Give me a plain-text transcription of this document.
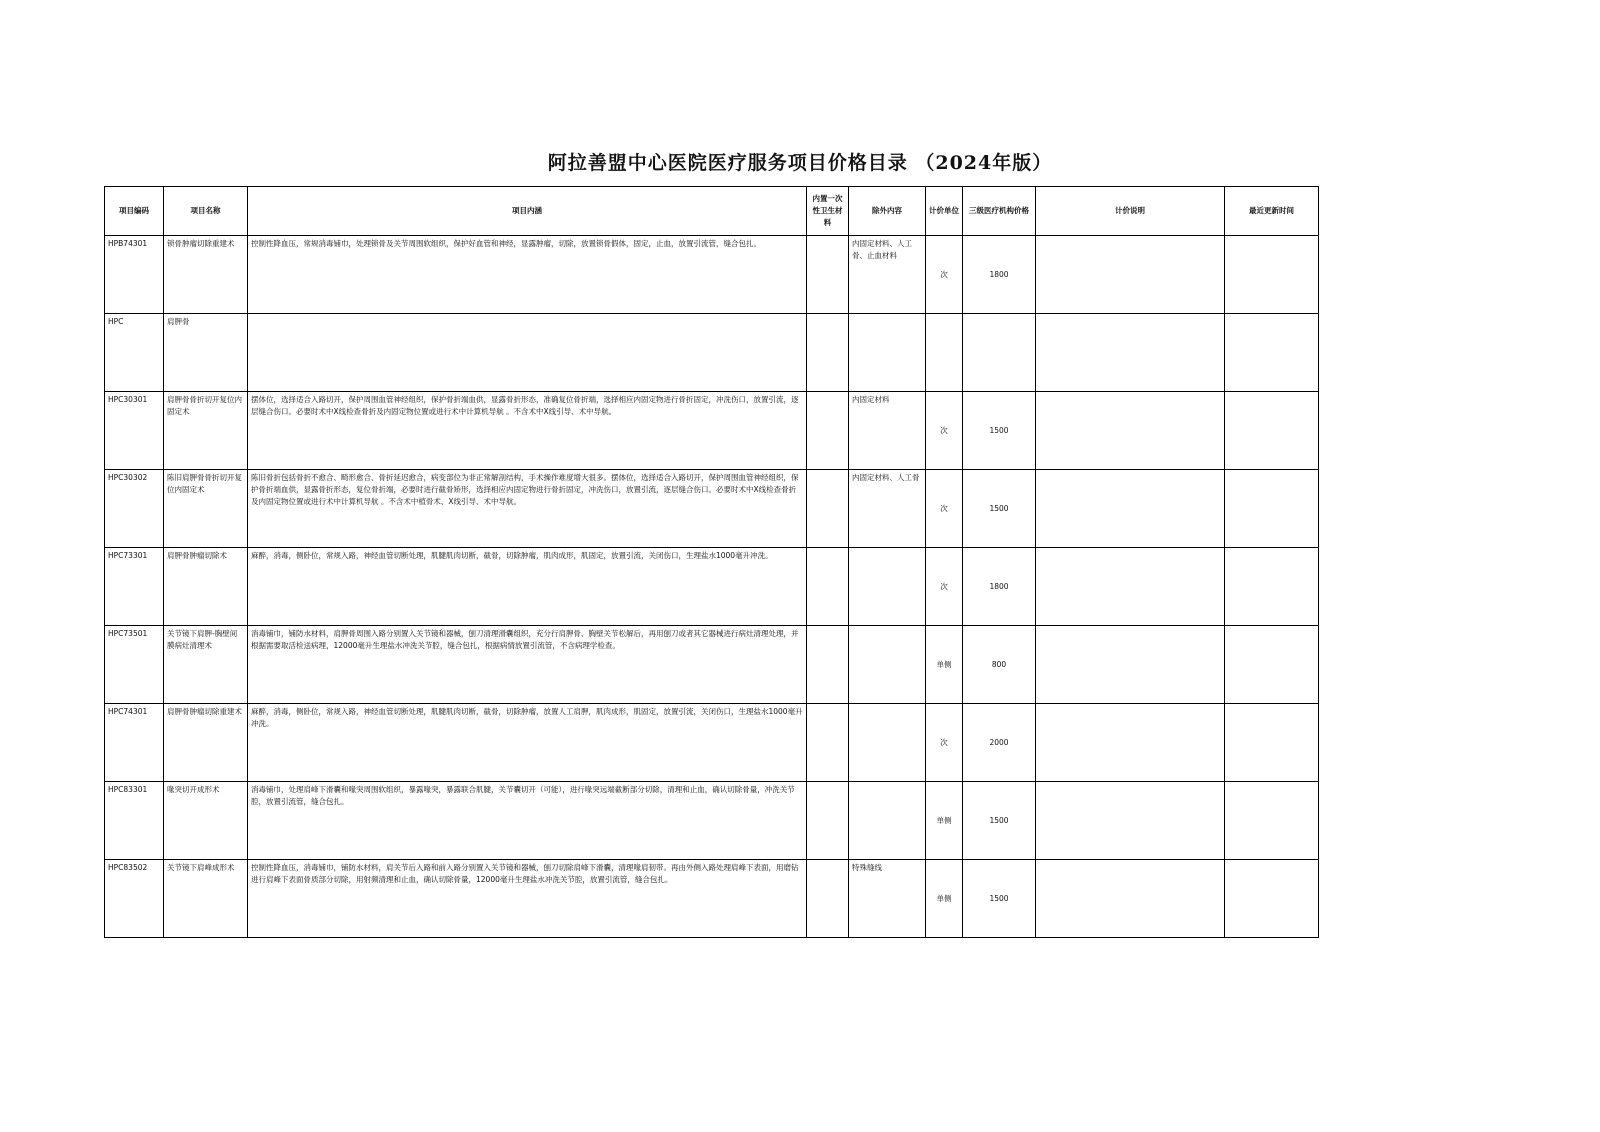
阿拉善盟中心医院医疗服务项目价格目录 （2024年版）
项目编码	项目名称	项目内涵	内置一次性卫生材料	除外内容	计价单位	三级医疗机构价格	计价说明	最近更新时间
HPB74301	锁骨肿瘤切除重建术	控制性降血压，常规消毒铺巾，处理锁骨及关节周围软组织，保护好血管和神经，显露肿瘤，切除，放置锁骨假体，固定，止血，放置引流管，缝合包扎。		内固定材料、人工骨、止血材料	次	1800		
HPC	肩胛骨							
HPC30301	肩胛骨骨折切开复位内固定术	摆体位，选择适合入路切开，保护周围血管神经组织，保护骨折端血供，显露骨折形态，准确复位骨折端，选择相应内固定物进行骨折固定，冲洗伤口，放置引流，逐层缝合伤口。必要时术中X线检查骨折及内固定物位置或进行术中计算机导航 。不含术中X线引导、术中导航。		内固定材料	次	1500		
HPC30302	陈旧肩胛骨骨折切开复位内固定术	陈旧骨折包括骨折不愈合、畸形愈合、骨折延迟愈合，病变部位为非正常解剖结构，手术操作难度增大很多。摆体位，选择适合入路切开，保护周围血管神经组织，保护骨折端血供，显露骨折形态，复位骨折端，必要时进行截骨矫形，选择相应内固定物进行骨折固定，冲洗伤口，放置引流，逐层缝合伤口。必要时术中X线检查骨折及内固定物位置或进行术中计算机导航 。不含术中植骨术、X线引导、术中导航。		内固定材料、人工骨	次	1500		
HPC73301	肩胛骨肿瘤切除术	麻醉，消毒，侧卧位，常规入路，神经血管切断处理，肌腱肌肉切断，截骨，切除肿瘤，肌肉成形，肌固定，放置引流，关闭伤口，生理盐水1000毫升冲洗。			次	1800		
HPC73501	关节镜下肩胛-胸壁间膜病灶清理术	消毒铺巾，铺防水材料，肩胛骨周围入路分别置入关节镜和器械，刨刀清理滑囊组织，充分行肩胛骨、胸壁关节松解后，再用刨刀或者其它器械进行病灶清理处理，并根据需要取活检送病理，12000毫升生理盐水冲洗关节腔，缝合包扎，根据病情放置引流管，不含病理学检查。			单侧	800		
HPC74301	肩胛骨肿瘤切除重建术	麻醉，消毒，侧卧位，常规入路，神经血管切断处理，肌腱肌肉切断，截骨，切除肿瘤，放置人工肩胛，肌肉成形，肌固定，放置引流，关闭伤口，生理盐水1000毫升冲洗。			次	2000		
HPC83301	喙突切开成形术	消毒铺巾，处理肩峰下滑囊和喙突周围软组织，暴露喙突，暴露联合肌腱，关节囊切开（可能），进行喙突远端截断部分切除，清理和止血，确认切除骨量，冲洗关节腔，放置引流管，缝合包扎。			单侧	1500		
HPC83502	关节镜下肩峰成形术	控制性降血压，消毒铺巾，铺防水材料，肩关节后入路和前入路分别置入关节镜和器械，刨刀切除肩峰下滑囊，清理喙肩韧带。再由外侧入路处理肩峰下表面，用磨钻进行肩峰下表面骨质部分切除，用射频清理和止血，确认切除骨量，12000毫升生理盐水冲洗关节腔，放置引流管，缝合包扎。		特殊缝线	单侧	1500		
